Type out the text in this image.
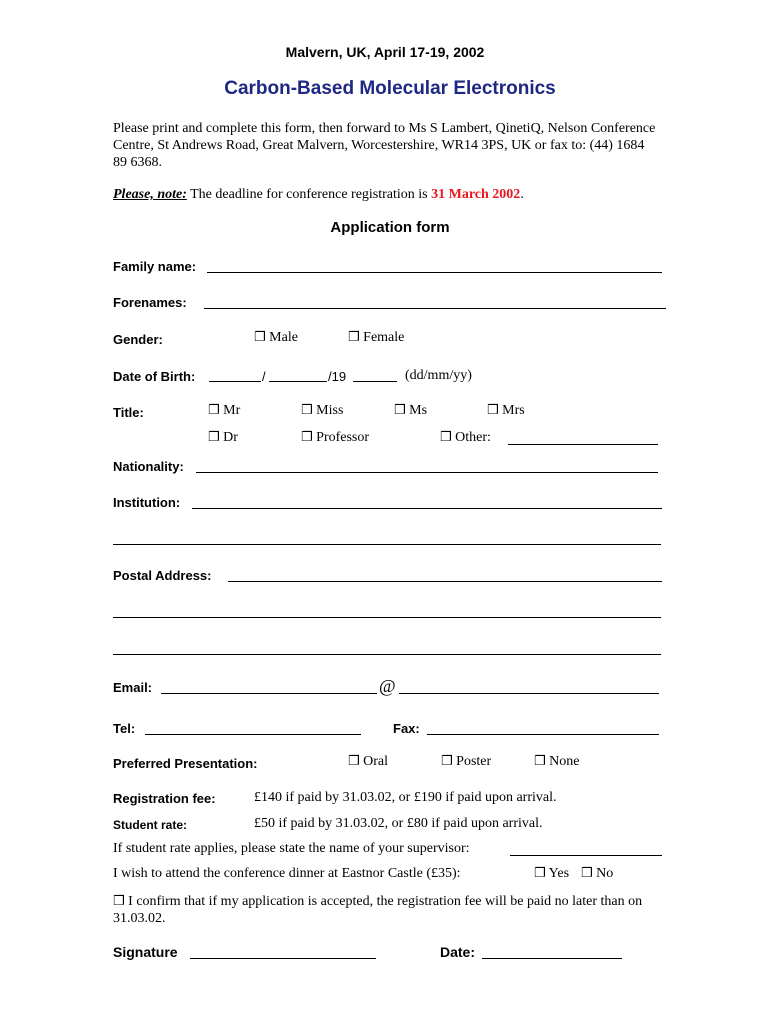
Malvern, UK, April 17-19, 2002
Carbon-Based Molecular Electronics
Please print and complete this form, then forward to Ms S Lambert, QinetiQ, Nelson Conference Centre, St Andrews Road, Great Malvern, Worcestershire, WR14 3PS, UK or fax to: (44) 1684 89 6368.
Please, note: The deadline for conference registration is 31 March 2002.
Application form
Family name:
Forenames:
Gender:	❒ Male	❒ Female
Date of Birth:	/	/19	(dd/mm/yy)
Title:	❒ Mr	❒ Miss	❒ Ms	❒ Mrs
❒ Dr	❒ Professor	❒ Other:
Nationality:
Institution:
Postal Address:
Email:	@
Tel:	Fax:
Preferred Presentation:	❒ Oral	❒ Poster	❒ None
Registration fee:	£140 if paid by 31.03.02, or £190 if paid upon arrival.
Student rate:	£50 if paid by 31.03.02, or £80 if paid upon arrival.
If student rate applies, please state the name of your supervisor:
I wish to attend the conference dinner at Eastnor Castle (£35):	❒ Yes ❒ No
❒ I confirm that if my application is accepted, the registration fee will be paid no later than on 31.03.02.
Signature	Date:
